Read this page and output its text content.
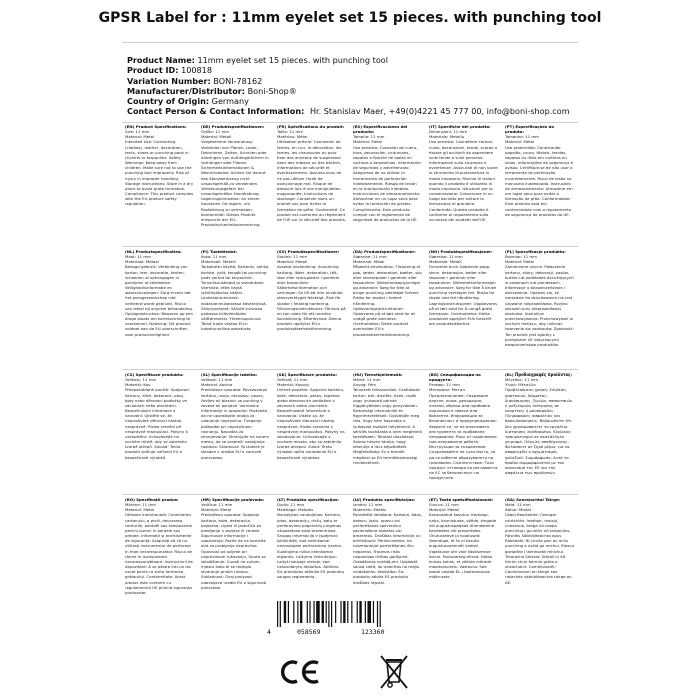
GPSR Label for : 11mm eyelet set 15 pieces. with punching tool
Product Name: 11mm eyelet set 15 pieces. with punching tool
Product ID: 100818
Variation Number: BONI-78162
Manufacturer/Distributor: Boni-Shop®
Country of Origin: Germany
Contact Person & Contact Information: Hr. Stanislav Maer, +49(0)4221 45 777 00, info@boni-shop.com
(EN) Product Specifications:
Size: 11 mm
Material: Metal
Intended Use: Connecting (clothes), leather, decoration, tents, shoes or punching pads in (t)shirts or tarpaulins. Safety Warnings: Keep away from children. Make sure not to use the punching tool improperly. Risk of injury in improper handling. Storage Instructions: Store in a dry place to avoid grate formation. Compliance: This product complies with the EU product safety regulation.
(DE) Produktspezifikationen:
Größe: 11 mm
Material: Metall
Vorgesehene Verwendung: Verbinden von Planen, Leder, Dekorieren, Zelten, Schuhen oder Anbringen von Aufhängelöchern in Vorhängen oder Planen. Sicherheitsinformationen & Warnhinweise: Achten Sie darauf, das Stanzwerkzeug nicht unsachgemäß zu verwenden. Verletzungsgefahr bei unsachgemäßer Handhabung. Lagerungshinweise: An einem trockenen Ort lagern, um Rostbildung zu vermeiden. Konformität: Dieses Produkt entspricht der EU-Produktsicherheitsverordnung.
(FR) Spécifications du produit:
Taille: 11 mm
Matériau: Métal
Utilisation prévue: Connexion de tentes, en cuir, la décoration, les tentes, les chaussures ou pour fixer des anneaux de suspension dans des rideaux ou des bâches. Informations de sécurité et avertissements: Assurez-vous de ne pas utiliser l'outil de poinçonnage mal. Risque de blessure lors d'une manipulation inappropriée. Instructions de stockage: Conserver dans un endroit sec pour éviter la formation de grêle. Conformité: Ce produit est conforme au règlement de l'UE sur la sécurité des produits.
(ES) Especificaciones del producto:
Tamaño: 11 mm
Material: Metal
Uso previsto: Conexión de cuero, tiras, decoración, cinturones, zapatos o fijación de ojales en cortinas o tarpaulinas. Información de seguridad y advertencias: Asegúrese de no utilizar la herramienta de perforación indebidamente. Riesgo de lesión en la manipulación indebida. Instrucciones de almacenamiento: Almacenar en un lugar seco para evitar la formación de grietas. Cumplimiento: Este producto cumple con el reglamento de seguridad de productos de la UE.
(IT) Specifiche del prodotto:
Dimensioni: 11 mm
Materiale: Metallo
Uso previsto: Connettere cartoni, cuoio, decorazioni, tende, scarpe o fissare gli occhielli da appendere sulle tende o sulle persiane. Informazioni sulla sicurezza e avvertenze: Assicurati di non usare lo strumento di punzonatura in modo improprio. Rischio di lesioni quando il prodotto è utilizzato in modo improprio. Istruzioni per la conservazione: Conservare in un luogo asciutto per evitare la formazione di grandine. Conformità: Questo prodotto è conforme al regolamento sulla sicurezza dei prodotti dell'UE.
(PT) Especificações do produto:
Tamanho: 11 mm
Material: Metal
Uso pretendido: Conectando papelão, couro, têxteis, tendas, sapatos ou ilhós em cortinas ou lonas. Informações de segurança e avisos: Certifique-se de não usar a ferramenta de perfuração incorretamente. Risco de lesão no manuseio inadequado. Instruções de armazenamento: Armazene em um lugar seco para evitar a formação de grão. Conformidade: Este produto está em conformidade com o regulamento de segurança de produtos da UE.
(NL) Productspecificaties:
Maat: 11 mm
Materiaal: Metaal
Beoogd gebruik: Verbinding van karton, leer, decoratie, tenten, schoenen of ophangogen in gordijnen of zeildoeken. Veiligheidsinformatie en waarschuwingen: Zorg ervoor dat het ponsgereedschap niet verkeerd wordt gebruikt. Risico van letsel bij onjuiste behandeling. Opslaginstructies: Bewaren op een droge plaats om korrelvorming te voorkomen. Naleving: Dit product voldoet aan de EU-voorschriften voor productveiligheid.
(FI) Tuotetiedot:
Koko: 11 mm
Materiaali: Metalli
Tarkoitettu käyttö: Kartonki, nahka, koriste, vyöt, kengät tai punching pads verhot tai tarpaulinit. Turvallisuustiedot ja varoitukset: Varmista, ettet käytä lyöntityökalua väärin. Loukkaantumisriski epäasianmukaisessa käsittelyssä. Säilytysohjeet: Säilytä kuivassa paikassa kiiltoilmiöiden välttämiseksi. Yhteensopivuus: Tämä tuote vastaa EU:n tuoteturvallisuusasetusta.
(SV) Produktspecifikationer:
Storlek: 11 mm
Material: Metall
Avsedd användning: Anslutning kartong, läder, dekoration, tält, skor eller stansplattor i gardiner eller tarpauliner. Säkerhetsinformation och varningar: Se till att inte använda stansverktyget felaktigt. Risk för skador i felaktig hantering. Förvaringsinstruktioner: Förvara på en torr plats för att undvika kornbildning. Efterlevnad: Denna produkt uppfyller EU:s produktsäkerhetsförordning.
(DA) Produktspecifikationer:
Størrelse: 11 mm
Materiale: Metal
Påtænkt anvendelse: Tilslutning af pap, læder, dekoration, bælter, sko eller stansepuder i gardiner eller tarpauliner. Sikkerhedsoplysninger og advarsler: Sørg for ikke at bruge punching værktøjet forkert. Risiko for skader i forkert håndtering. Opbevaringsinstruktioner: Opbevares på et tørt sted for at undgå grate dannelse. Overholdelse: Dette produkt overholder EU's produktsikkerhedsforordning.
(NO) Produktspesifikasjoner:
Størrelse: 11 mm
Materiale: Metall
Forventet bruk: Koblende papp, skinn, dekorasjon, belter eller skoputer i gardiner eller tarpauliner. Sikkerhetsinformasjon og advarsler: Sørg for ikke å bruke punching verktøyet feil. Risiko for skade ved feil håndtering. Lagringsinstruksjoner: Oppbevares på et tørt sted for å unngå grate formasjon. Overholdelse: Dette produktet oppfyller EUs forskrift om produktsikkerhet.
(PL) Specyfikacje produktu:
Rozmiar: 11 mm
Materiał: Metal
Zamierzone użycie: Połączenie kartonu, skóry, dekoracji, pasów, butów lub podkładek dziurkujących w zasłonach lub plandekach. Informacje o bezpieczeństwie i ostrzeżenia: Upewnij się, że narzędzie do dziurkowania nie jest używane nieprawidłowo. Ryzyko obrażeń przy nieprawidłowej obsłudze. Instrukcje przechowywania: Przechowywać w suchym miejscu, aby uniknąć tworzenia się zadziorów. Zgodność: Ten produkt jest zgodny z przepisami UE dotyczącymi bezpieczeństwa produktów.
(CS) Specifikace produktu:
Velikost: 11 mm
Materiál: Kov
Předpokládané použití: Spojovací kartony, kůže, dekorace, pásy, boty nebo děrovací podložky ve záclonách nebo plachtách. Bezpečnostní informace a varování: Ujistěte se, že nepoužíváte děrovací nástroj nesprávně. Riziko zranění při nesprávné manipulaci. Pokyny k uskladnění: Uchovávejte na suchém místě, aby se zabránilo tvorbě otřepů. Soulad: Tento produkt splňuje nařízení EU o bezpečnosti výrobků.
(SL) Specifikacije izdelka:
Velikost: 11 mm
Material: Kovina
Predvidena uporaba: Povezovanje kartona, usnja, okraskov, pasov, čevljev ali blazinic za punking v zavese ali ponjave. Varnostne informacije in opozorila: Poskrbite, da ne uporabljate orodja za udarjanje nepravilno. Tveganje poškodbe pri nepravilnem ravnanju. Navodila za shranjevanje: Shranjujte na suhem mestu, da se prepreči nastajanje raziskav. Skladnost: Ta izdelek je skladen z uredbo EU o varnosti proizvodov.
(SK) Špecifikácie produktu:
Veľkosť: 11 mm
Materiál: Kovový
Určené použitie: Spojenie kartónu, kože, dekorácie, pásov, topánok alebo dierovacích podložiek v závesoch alebo plachtách. Bezpečnostné informácie a varovania: Uistite sa, že nepoužívate dierovací nástroj nesprávne. Riziko zranenia v nesprávnej manipulácii. Pokyny na skladovanie: Uchovávajte v suchom mieste, aby sa zabránilo tvorbe otrepov. Súlad: Tento výrobok spĺňa nariadenie EÚ o bezpečnosti výrobkov.
(HU) Termékjellemzők:
Méret: 11 mm
Anyag: Fém
Tervezett felhasználás: Csatlakozó karton, bőr, díszítés, övek, cipők vagy lyukasztó párnák függönyökben vagy ponyvákban. Biztonsági információk és figyelmeztetések: Győződjön meg róla, hogy nem használja a lyukasztó eszközt helytelenül. A sérülés kockázata a nem megfelelő kezelésben. Tárolási utasítások: Száraz helyen tárolja, hogy elkerülje a rács képződését. Megfelelőség: Ez a termék megfelel az EU termékbiztonsági rendeletének.
(BG) Спецификации на продукта:
Размер: 11 mm
Материал: Метал
Предназначение: Свързване картон, кожа, декорация, колани, обувки или пробивни подложки в завеси или брезенти. Информация за безопасност и предупреждения: Уверете се, че не използвате инструмента за пробиване неправилно. Риск от нараняване при неправилна работа. Инструкции за съхранение: Съхранявайте на сухо място, за да се избегне образуването на грапавини. Съответствие: Този продукт отговаря на регламента на ЕС за безопасност на продуктите.
(EL) Προδιαγραφές προϊόντος:
Μέγεθος: 11 mm
Υλικό: Μέταλλο
Προβλεπόμενη χρήση: Σύνδεση χαρτονιού, δέρματος, διακόσμησης, ζωνών, παπουτσιών ή μαξιλαριών διάτρησης σε κουρτίνες ή μουσαμάδες. Πληροφορίες ασφαλείας και προειδοποιήσεις: Βεβαιωθείτε ότι δεν χρησιμοποιείτε το εργαλείο διάτρησης λανθασμένα. Κίνδυνος τραυματισμού σε ακατάλληλο χειρισμό. Οδηγίες αποθήκευσης: Φυλάσσετε σε ξηρό μέρος για να αποφευχθεί ο σχηματισμός χαλαζιού. Συμμόρφωση: Αυτό το προϊόν συμμορφώνεται με τον κανονισμό της ΕΕ για την ασφάλεια των προϊόντων.
(RO) Specificații produs:
Mărime: 11 mm
Material: Metal
Utilizare intenționată: Conectarea cartonului, a pielii, decorarea, centurile, pantofii sau tampoanele pentru pumni în perdele sau prelate. Informații și avertismente de siguranță: Asigurați-vă că nu utilizați instrumentul de perforare în mod necorespunzător. Riscul de rănire în manipularea necorespunzătoare. Instrucțiuni de depozitare: A se păstra într-un loc uscat pentru a evita formarea grătarului. Conformitate: Acest produs este conform cu regulamentul UE privind siguranța produselor.
(HR) Specifikacije proizvoda:
Veličina: 11 mm
Materijal: Metal
Predviđena uporaba: Spajanje kartona, kože, dekoracija, pojaseva, cipela ili jastučića za probijanje u zavjese ili cerade. Sigurnosne informacije i upozorenja: Pazite da ne koristite alat za probijanje nepravilno. Opasnost od ozljede pri nepravilnom rukovanju. Upute za skladištenje: Čuvati na suhom mjestu kako bi se izbjeglo stvaranje grubih rubova. Sukladnost: Ovaj proizvod udovoljava uredbi EU o sigurnosti proizvoda.
(LT) Produkto specifikacijos:
Dydis: 11 mm
Medžiaga: Metalas
Numatytas naudojimas: Kartono, odos, dekoracijų, diržų, batų ar perforavimo pagalvėlių jungimas užuolaidose arba brezentuose. Saugos informacija ir įspėjimai: Įsitikinkite, kad netinkamai nenaudojate perforavimo įrankio. Sužalojimo rizika netinkamai elgiantis. Laikymo instrukcijos: Laikyti sausoje vietoje, kad nesusidarytų atplaišos. Atitiktis: Šis produktas atitinka ES produktų saugos reglamentą.
(LV) Produkta specifikācijas:
Izmērs: 11 mm
Materiāls: Metāls
Paredzētā lietošana: Kartona, ādas, dekoru, jostu, apavu vai perforēšanas spilventiņu savienošana aizkaros vai brezentos. Drošības informācija un brīdinājumi: Pārliecinieties, ka neizmantojat perforēšanas rīku nepareizi. Traumas risks nepareizas rīcības gadījumā. Glabāšanas norādījumi: Uzglabāt sausā vietā, lai izvairītos no režģu veidošanās. Atbilstība: Šis produkts atbilst ES produktu drošības regulai.
(ET) Toote spetsifikatsioonid:
Suurus: 11 mm
Materjal: Metall
Kavandatud kasutus: Kartongi, naha, kaunistuste, vööde, kingade või augustuspatjade ühendamine kardinates või presentides. Ohutusteave ja hoiatused: Veenduge, et te ei kasuta augustusvahendit valesti. Vigastuste oht vale käsitsemise korral. Hoiustamisjuhised: Hoida kuivas kohas, et vältida mõrade moodustumist. Vastavus: See toode vastab EL-i tooteohutuse määrusele.
(GA) Sonraíochtaí Táirge:
Méid: 11 mm
Ábhar: Miotal
Úsáid Beartaithe: Ceangal cairtchláir, leathair, maisiú, criosanna, bróga nó ceapa punching i gcuirtíní nó tarpaulins. Faisnéis Sábháilteachta agus Rabhaidh: Bí cinnte gan an uirlis punching a úsáid go míchuí. Riosca gortaithe i láimhseáil mhíchuí. Treoracha Stórála: Stóráil in áit thirim chun foirmiú gráta a sheachaint. Comhlíonadh: Comhlíonann an táirge seo rialachán sábháilteachta táirge an AE.
4	058569	123360
